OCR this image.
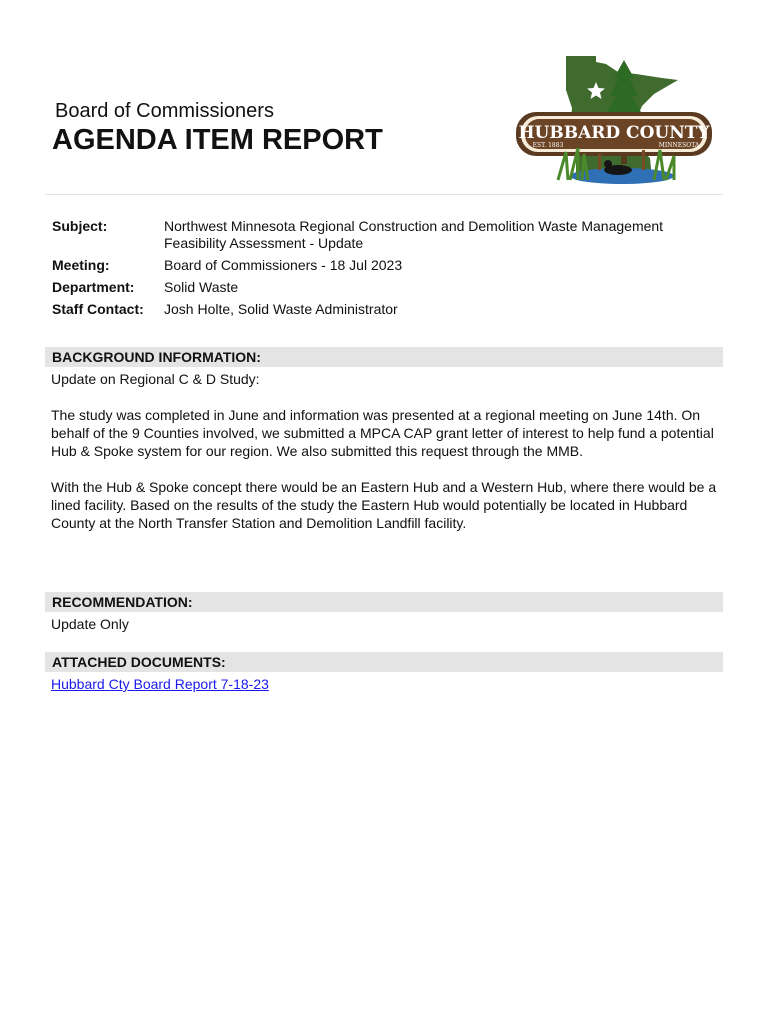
Board of Commissioners
AGENDA ITEM REPORT	HUBBARD COUNTY
EST. 1883	MINNESOTA
Subject:	Northwest Minnesota Regional Construction and Demolition Waste Management Feasibility Assessment - Update
Meeting:	Board of Commissioners - 18 Jul 2023
Department:	Solid Waste
Staff Contact:	Josh Holte, Solid Waste Administrator
BACKGROUND INFORMATION:

Update on Regional C & D Study:

The study was completed in June and information was presented at a regional meeting on June 14th. On behalf of the 9 Counties involved, we submitted a MPCA CAP grant letter of interest to help fund a potential Hub & Spoke system for our region. We also submitted this request through the MMB.

With the Hub & Spoke concept there would be an Eastern Hub and a Western Hub, where there would be a lined facility. Based on the results of the study the Eastern Hub would potentially be located in Hubbard County at the North Transfer Station and Demolition Landfill facility.

RECOMMENDATION:
Update Only
ATTACHED DOCUMENTS:
Hubbard Cty Board Report 7-18-23
